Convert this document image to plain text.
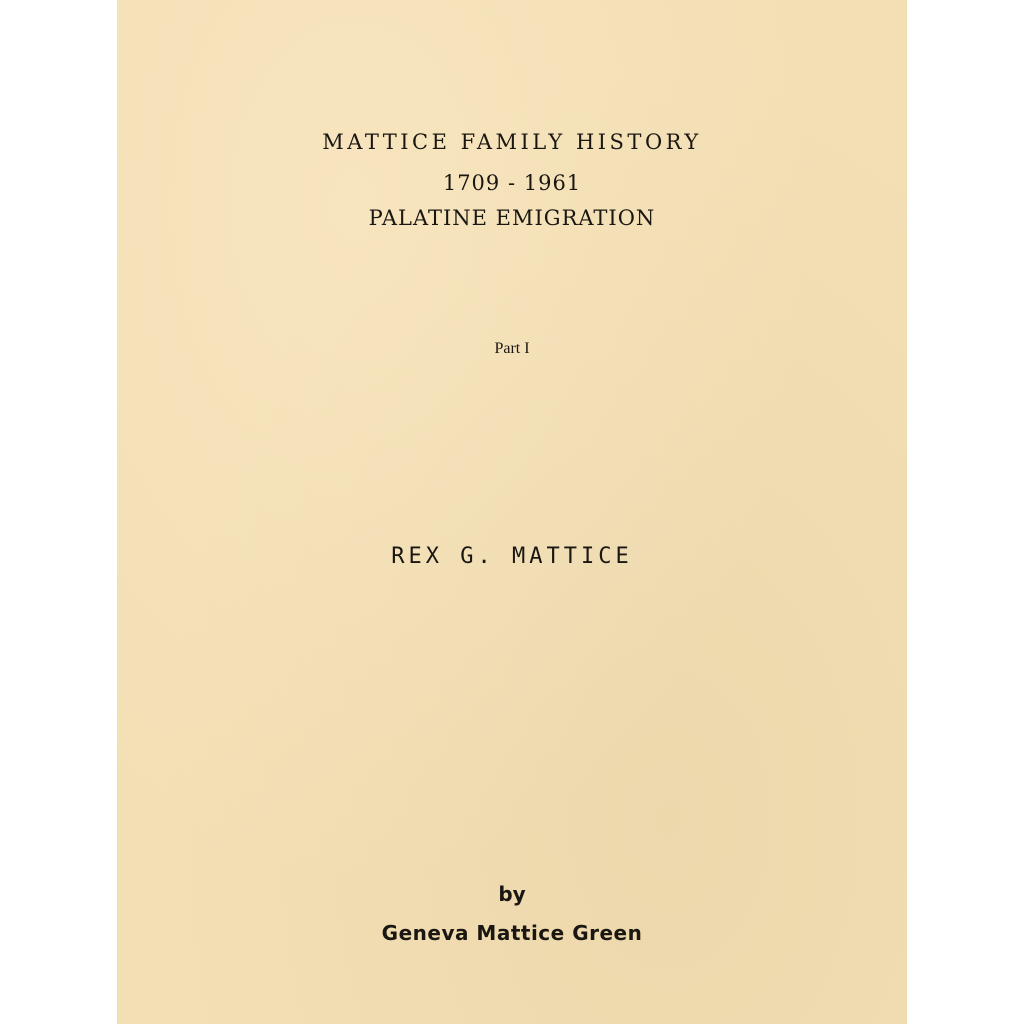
MATTICE FAMILY HISTORY
1709 - 1961
PALATINE EMIGRATION
Part I
REX G. MATTICE
by
Geneva Mattice Green
